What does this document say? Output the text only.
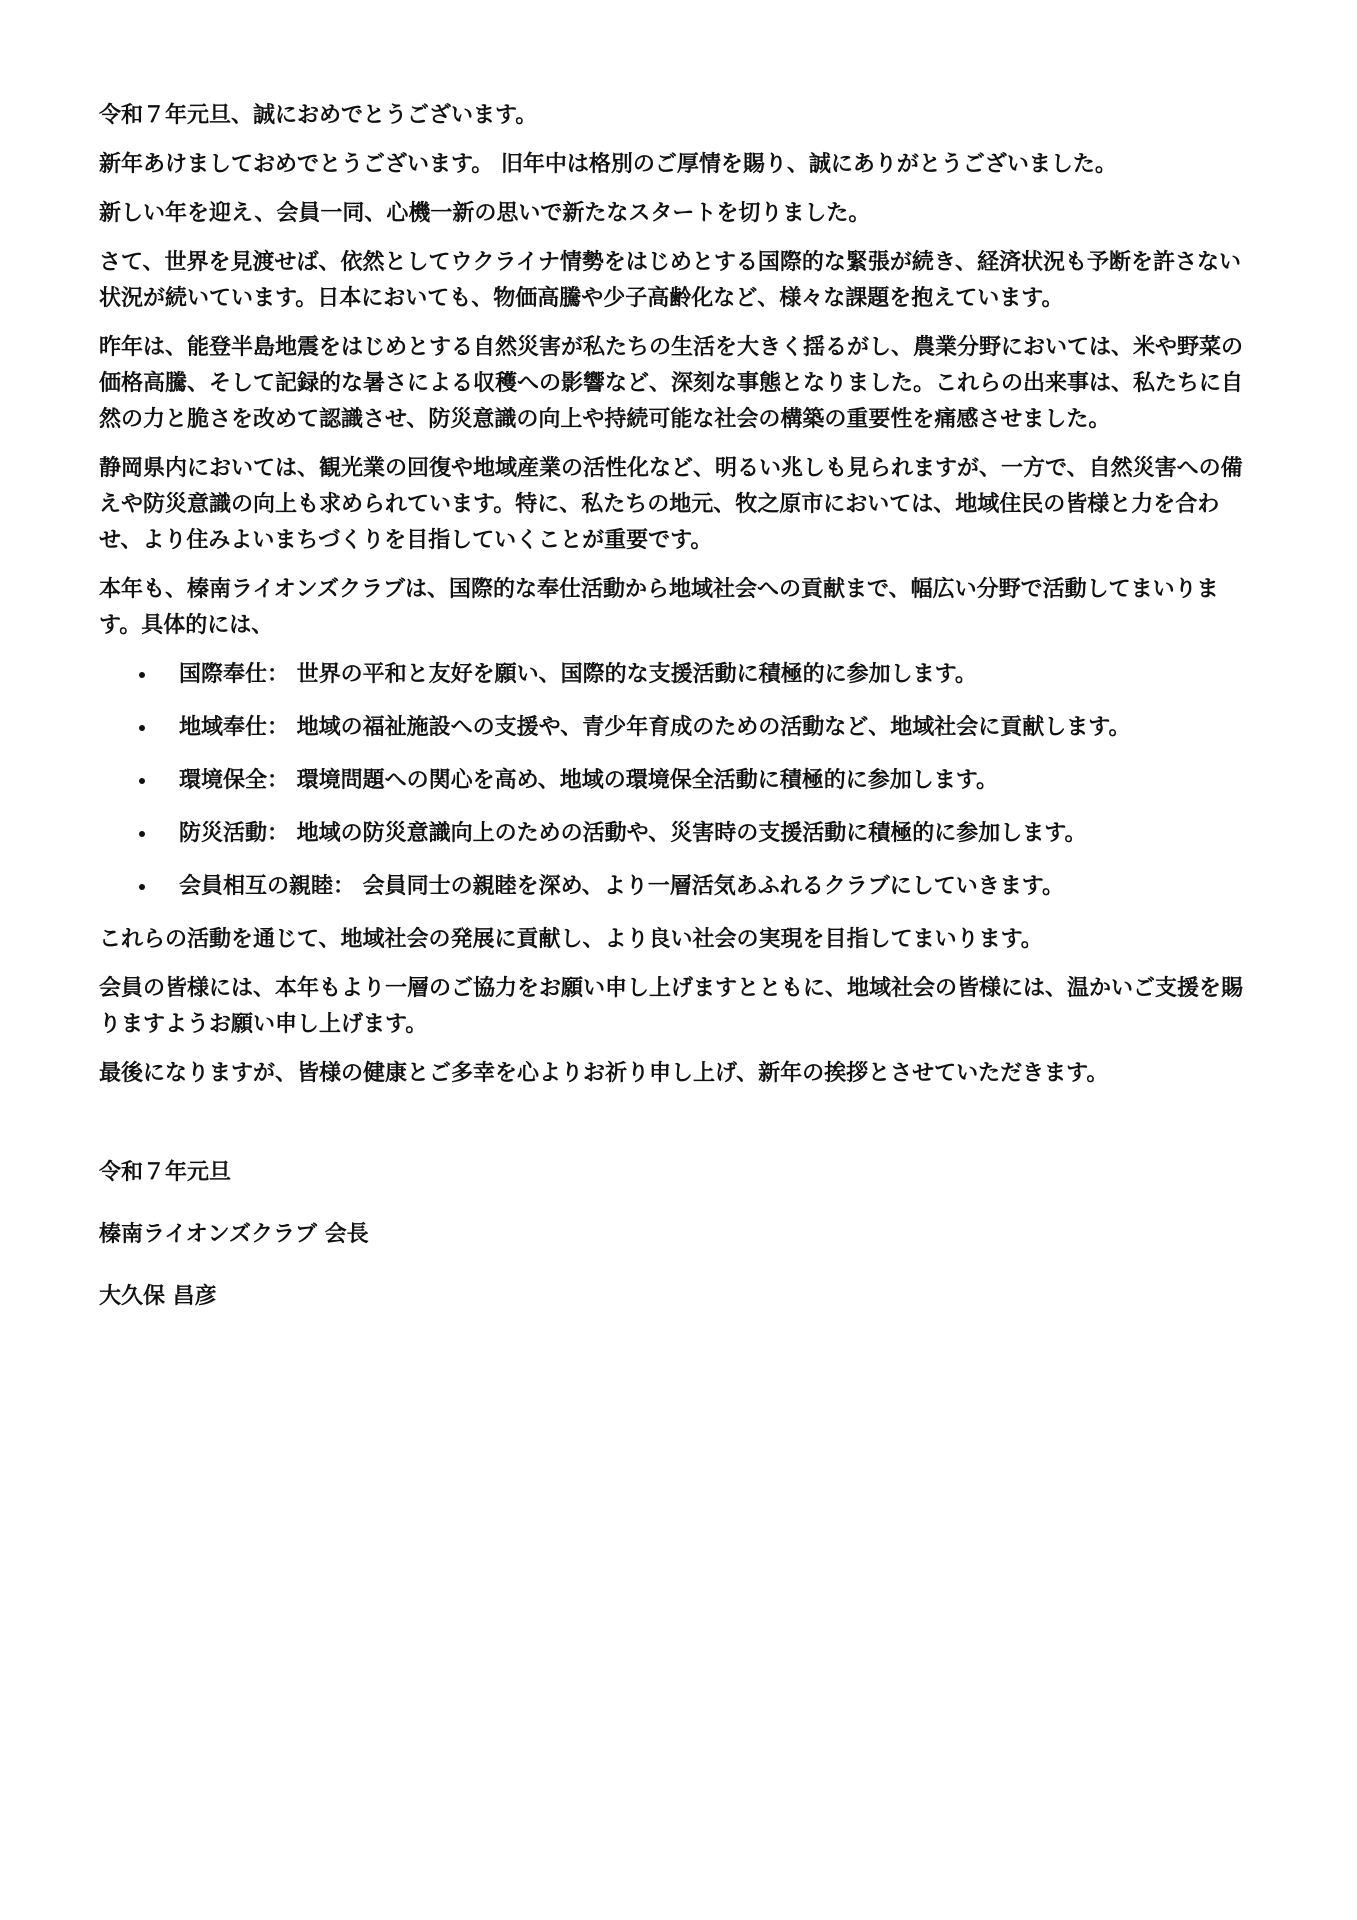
令和７年元旦、誠におめでとうございます。

新年あけましておめでとうございます。 旧年中は格別のご厚情を賜り、誠にありがとうございました。

新しい年を迎え、会員一同、心機一新の思いで新たなスタートを切りました。

さて、世界を見渡せば、依然としてウクライナ情勢をはじめとする国際的な緊張が続き、経済状況も予断を許さない状況が続いています。日本においても、物価高騰や少子高齢化など、様々な課題を抱えています。

昨年は、能登半島地震をはじめとする自然災害が私たちの生活を大きく揺るがし、農業分野においては、米や野菜の価格高騰、そして記録的な暑さによる収穫への影響など、深刻な事態となりました。これらの出来事は、私たちに自然の力と脆さを改めて認識させ、防災意識の向上や持続可能な社会の構築の重要性を痛感させました。

静岡県内においては、観光業の回復や地域産業の活性化など、明るい兆しも見られますが、一方で、自然災害への備えや防災意識の向上も求められています。特に、私たちの地元、牧之原市においては、地域住民の皆様と力を合わせ、より住みよいまちづくりを目指していくことが重要です。

本年も、榛南ライオンズクラブは、国際的な奉仕活動から地域社会への貢献まで、幅広い分野で活動してまいります。具体的には、

国際奉仕： 世界の平和と友好を願い、国際的な支援活動に積極的に参加します。
地域奉仕： 地域の福祉施設への支援や、青少年育成のための活動など、地域社会に貢献します。
環境保全： 環境問題への関心を高め、地域の環境保全活動に積極的に参加します。
防災活動： 地域の防災意識向上のための活動や、災害時の支援活動に積極的に参加します。
会員相互の親睦： 会員同士の親睦を深め、より一層活気あふれるクラブにしていきます。

これらの活動を通じて、地域社会の発展に貢献し、より良い社会の実現を目指してまいります。

会員の皆様には、本年もより一層のご協力をお願い申し上げますとともに、地域社会の皆様には、温かいご支援を賜りますようお願い申し上げます。

最後になりますが、皆様の健康とご多幸を心よりお祈り申し上げ、新年の挨拶とさせていただきます。

令和７年元旦

榛南ライオンズクラブ 会長

大久保 昌彦
